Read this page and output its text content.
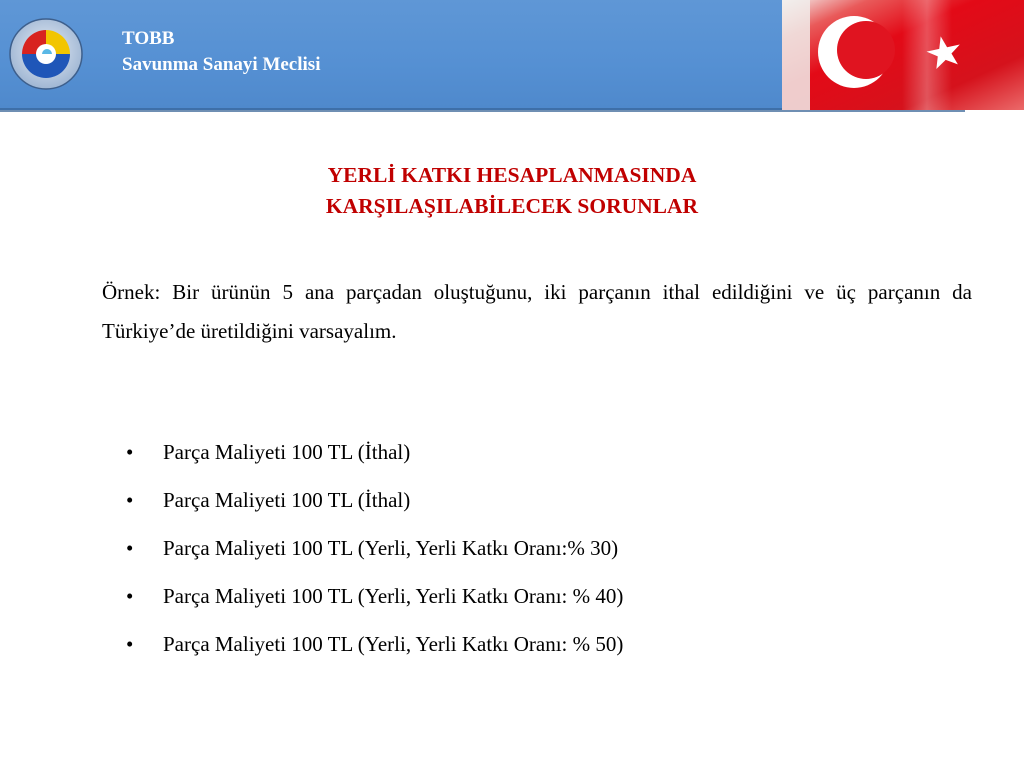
TOBB
Savunma Sanayi Meclisi
YERLİ KATKI HESAPLANMASINDA
KARŞILAŞILABİLECEK SORUNLAR

Örnek: Bir ürünün 5 ana parçadan oluştuğunu, iki parçanın ithal edildiğini ve üç parçanın da Türkiye’de üretildiğini varsayalım.

• Parça Maliyeti 100 TL (İthal)
• Parça Maliyeti 100 TL (İthal)
• Parça Maliyeti 100 TL (Yerli, Yerli Katkı Oranı:% 30)
• Parça Maliyeti 100 TL (Yerli, Yerli Katkı Oranı: % 40)
• Parça Maliyeti 100 TL (Yerli, Yerli Katkı Oranı: % 50)
